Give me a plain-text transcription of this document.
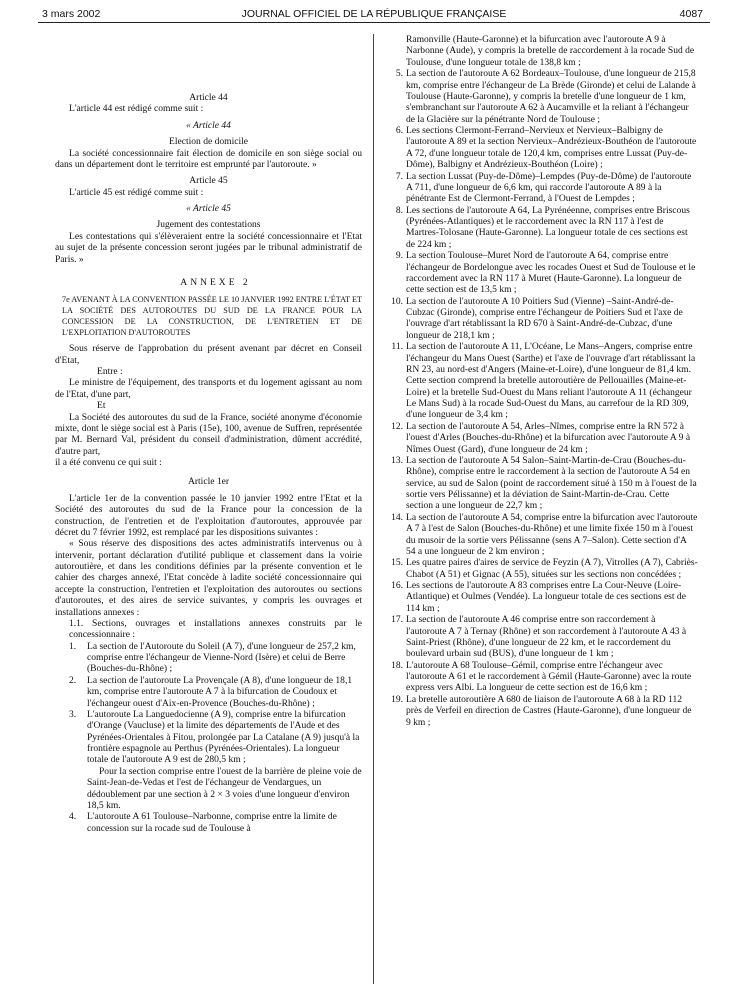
3 mars 2002	JOURNAL OFFICIEL DE LA RÉPUBLIQUE FRANÇAISE	4087

Article 44

L'article 44 est rédigé comme suit :

« Article 44

Election de domicile

La société concessionnaire fait élection de domicile en son siège social ou dans un département dont le territoire est emprunté par l'autoroute. »

Article 45

L'article 45 est rédigé comme suit :

« Article 45

Jugement des contestations

Les contestations qui s'élèveraient entre la société concessionnaire et l'Etat au sujet de la présente concession seront jugées par le tribunal administratif de Paris. »

ANNEXE 2

7e AVENANT À LA CONVENTION PASSÉE LE 10 JANVIER 1992 ENTRE L'ÉTAT ET LA SOCIÉTÉ DES AUTOROUTES DU SUD DE LA FRANCE POUR LA CONCESSION DE LA CONSTRUCTION, DE L'ENTRETIEN ET DE L'EXPLOITATION D'AUTOROUTES

Sous réserve de l'approbation du présent avenant par décret en Conseil d'Etat,

Entre :

Le ministre de l'équipement, des transports et du logement agissant au nom de l'Etat, d'une part,

Et

La Société des autoroutes du sud de la France, société anonyme d'économie mixte, dont le siège social est à Paris (15e), 100, avenue de Suffren, représentée par M. Bernard Val, président du conseil d'administration, dûment accrédité, d'autre part,

il a été convenu ce qui suit :

Article 1er

L'article 1er de la convention passée le 10 janvier 1992 entre l'Etat et la Société des autoroutes du sud de la France pour la concession de la construction, de l'entretien et de l'exploitation d'autoroutes, approuvée par décret du 7 février 1992, est remplacé par les dispositions suivantes :

« Sous réserve des dispositions des actes administratifs intervenus ou à intervenir, portant déclaration d'utilité publique et classement dans la voirie autoroutière, et dans les conditions définies par la présente convention et le cahier des charges annexé, l'Etat concède à ladite société concessionnaire qui accepte la construction, l'entretien et l'exploitation des autoroutes ou sections d'autoroutes, et des aires de service suivantes, y compris les ouvrages et installations annexes :

1.1. Sections, ouvrages et installations annexes construits par le concessionnaire :

1. La section de l'Autoroute du Soleil (A 7), d'une longueur de 257,2 km, comprise entre l'échangeur de Vienne-Nord (Isère) et celui de Berre (Bouches-du-Rhône) ;
2. La section de l'autoroute La Provençale (A 8), d'une longueur de 18,1 km, comprise entre l'autoroute A 7 à la bifurcation de Coudoux et l'échangeur ouest d'Aix-en-Provence (Bouches-du-Rhône) ;
3. L'autoroute La Languedocienne (A 9), comprise entre la bifurcation d'Orange (Vaucluse) et la limite des départements de l'Aude et des Pyrénées-Orientales à Fitou, prolongée par La Catalane (A 9) jusqu'à la frontière espagnole au Perthus (Pyrénées-Orientales). La longueur totale de l'autoroute A 9 est de 280,5 km ;
Pour la section comprise entre l'ouest de la barrière de pleine voie de Saint-Jean-de-Vedas et l'est de l'échangeur de Vendargues, un dédoublement par une section à 2 × 3 voies d'une longueur d'environ 18,5 km.
4. L'autoroute A 61 Toulouse–Narbonne, comprise entre la limite de concession sur la rocade sud de Toulouse à
Ramonville (Haute-Garonne) et la bifurcation avec l'autoroute A 9 à Narbonne (Aude), y compris la bretelle de raccordement à la rocade Sud de Toulouse, d'une longueur totale de 138,8 km ;
5. La section de l'autoroute A 62 Bordeaux–Toulouse, d'une longueur de 215,8 km, comprise entre l'échangeur de La Brède (Gironde) et celui de Lalande à Toulouse (Haute-Garonne), y compris la bretelle d'une longueur de 1 km, s'embranchant sur l'autoroute A 62 à Aucamville et la reliant à l'échangeur de la Glacière sur la pénétrante Nord de Toulouse ;
6. Les sections Clermont-Ferrand–Nervieux et Nervieux–Balbigny de l'autoroute A 89 et la section Nervieux–Andrézieux-Bouthéon de l'autoroute A 72, d'une longueur totale de 120,4 km, comprises entre Lussat (Puy-de-Dôme), Balbigny et Andrézieux-Bouthéon (Loire) ;
7. La section Lussat (Puy-de-Dôme)–Lempdes (Puy-de-Dôme) de l'autoroute A 711, d'une longueur de 6,6 km, qui raccorde l'autoroute A 89 à la pénétrante Est de Clermont-Ferrand, à l'Ouest de Lempdes ;
8. Les sections de l'autoroute A 64, La Pyrénéenne, comprises entre Briscous (Pyrénées-Atlantiques) et le raccordement avec la RN 117 à l'est de Martres-Tolosane (Haute-Garonne). La longueur totale de ces sections est de 224 km ;
9. La section Toulouse–Muret Nord de l'autoroute A 64, comprise entre l'échangeur de Bordelongue avec les rocades Ouest et Sud de Toulouse et le raccordement avec la RN 117 à Muret (Haute-Garonne). La longueur de cette section est de 13,5 km ;
10. La section de l'autoroute A 10 Poitiers Sud (Vienne) –Saint-André-de-Cubzac (Gironde), comprise entre l'échangeur de Poitiers Sud et l'axe de l'ouvrage d'art rétablissant la RD 670 à Saint-André-de-Cubzac, d'une longueur de 218,1 km ;
11. La section de l'autoroute A 11, L'Océane, Le Mans–Angers, comprise entre l'échangeur du Mans Ouest (Sarthe) et l'axe de l'ouvrage d'art rétablissant la RN 23, au nord-est d'Angers (Maine-et-Loire), d'une longueur de 81,4 km. Cette section comprend la bretelle autoroutière de Pellouailles (Maine-et-Loire) et la bretelle Sud-Ouest du Mans reliant l'autoroute A 11 (échangeur Le Mans Sud) à la rocade Sud-Ouest du Mans, au carrefour de la RD 309, d'une longueur de 3,4 km ;
12. La section de l'autoroute A 54, Arles–Nîmes, comprise entre la RN 572 à l'ouest d'Arles (Bouches-du-Rhône) et la bifurcation avec l'autoroute A 9 à Nîmes Ouest (Gard), d'une longueur de 24 km ;
13. La section de l'autoroute A 54 Salon–Saint-Martin-de-Crau (Bouches-du-Rhône), comprise entre le raccordement à la section de l'autoroute A 54 en service, au sud de Salon (point de raccordement situé à 150 m à l'ouest de la sortie vers Pélissanne) et la déviation de Saint-Martin-de-Crau. Cette section a une longueur de 22,7 km ;
14. La section de l'autoroute A 54, comprise entre la bifurcation avec l'autoroute A 7 à l'est de Salon (Bouches-du-Rhône) et une limite fixée 150 m à l'ouest du musoir de la sortie vers Pélissanne (sens A 7–Salon). Cette section d'A 54 a une longueur de 2 km environ ;
15. Les quatre paires d'aires de service de Feyzin (A 7), Vitrolles (A 7), Cabriès-Chabot (A 51) et Gignac (A 55), situées sur les sections non concédées ;
16. Les sections de l'autoroute A 83 comprises entre La Cour-Neuve (Loire-Atlantique) et Oulmes (Vendée). La longueur totale de ces sections est de 114 km ;
17. La section de l'autoroute A 46 comprise entre son raccordement à l'autoroute A 7 à Ternay (Rhône) et son raccordement à l'autoroute A 43 à Saint-Priest (Rhône), d'une longueur de 22 km, et le raccordement du boulevard urbain sud (BUS), d'une longueur de 1 km ;
18. L'autoroute A 68 Toulouse–Gémil, comprise entre l'échangeur avec l'autoroute A 61 et le raccordement à Gémil (Haute-Garonne) avec la route express vers Albi. La longueur de cette section est de 16,6 km ;
19. La bretelle autoroutière A 680 de liaison de l'autoroute A 68 à la RD 112 près de Verfeil en direction de Castres (Haute-Garonne), d'une longueur de 9 km ;
